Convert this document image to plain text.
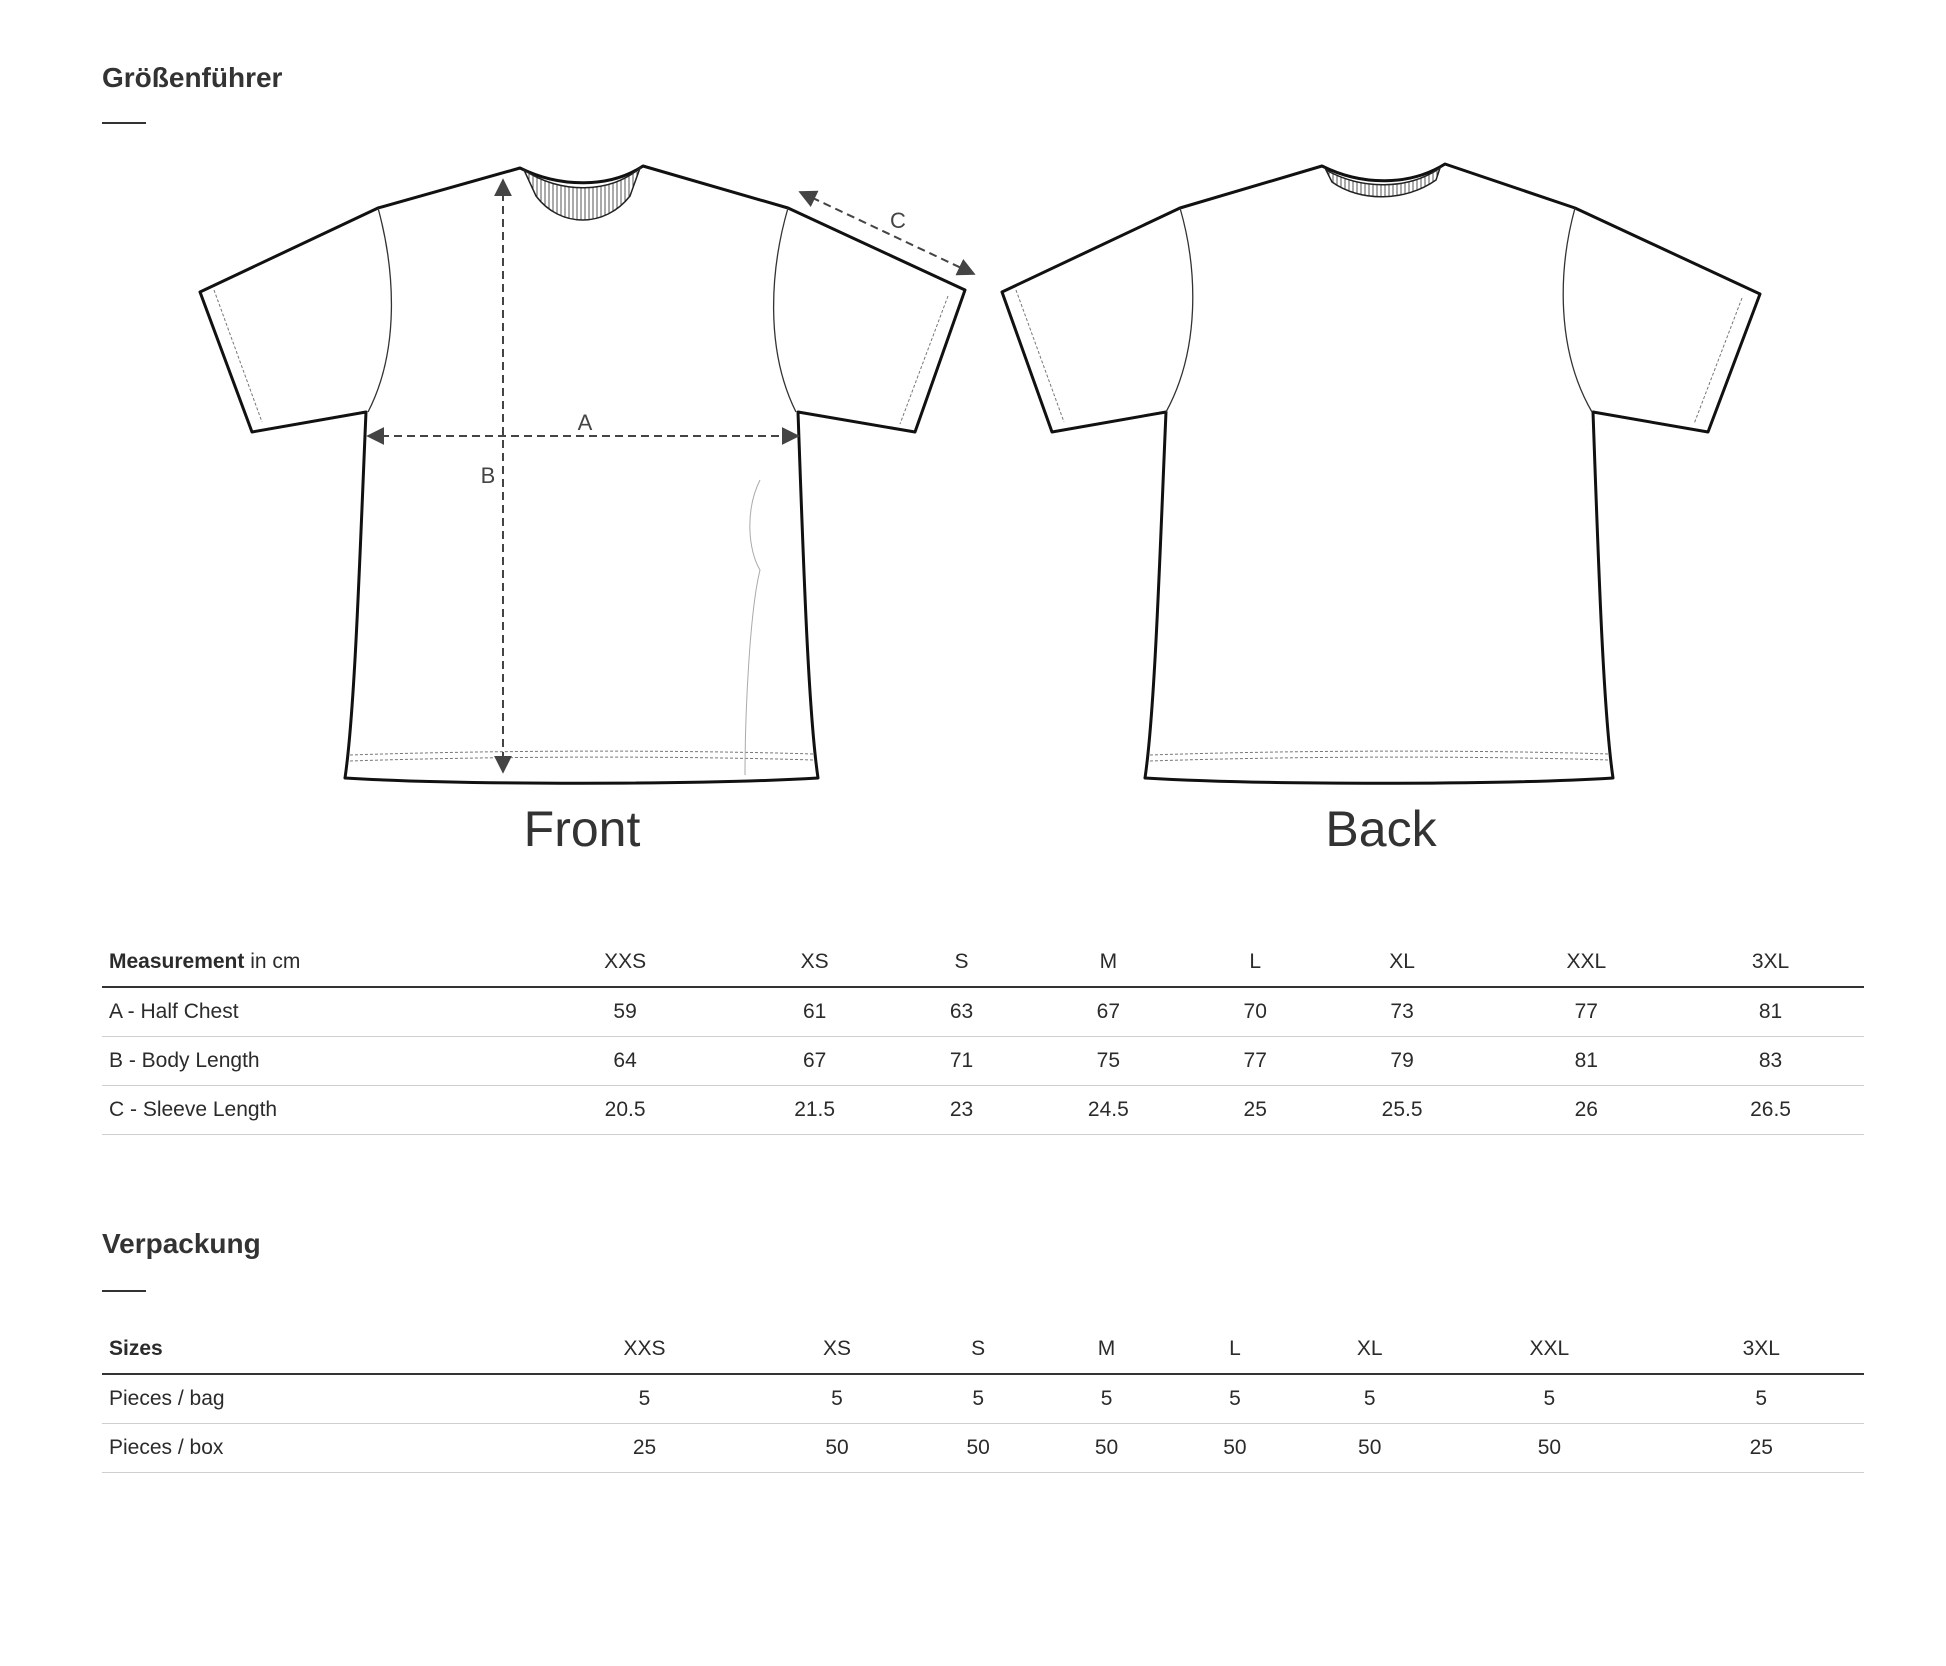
Größenführer
A
B
C
Front	Back
Measurement in cm	XXS	XS	S	M	L	XL	XXL	3XL
A - Half Chest	59	61	63	67	70	73	77	81
B - Body Length	64	67	71	75	77	79	81	83
C - Sleeve Length	20.5	21.5	23	24.5	25	25.5	26	26.5
Verpackung
Sizes	XXS	XS	S	M	L	XL	XXL	3XL
Pieces / bag	5	5	5	5	5	5	5	5
Pieces / box	25	50	50	50	50	50	50	25
